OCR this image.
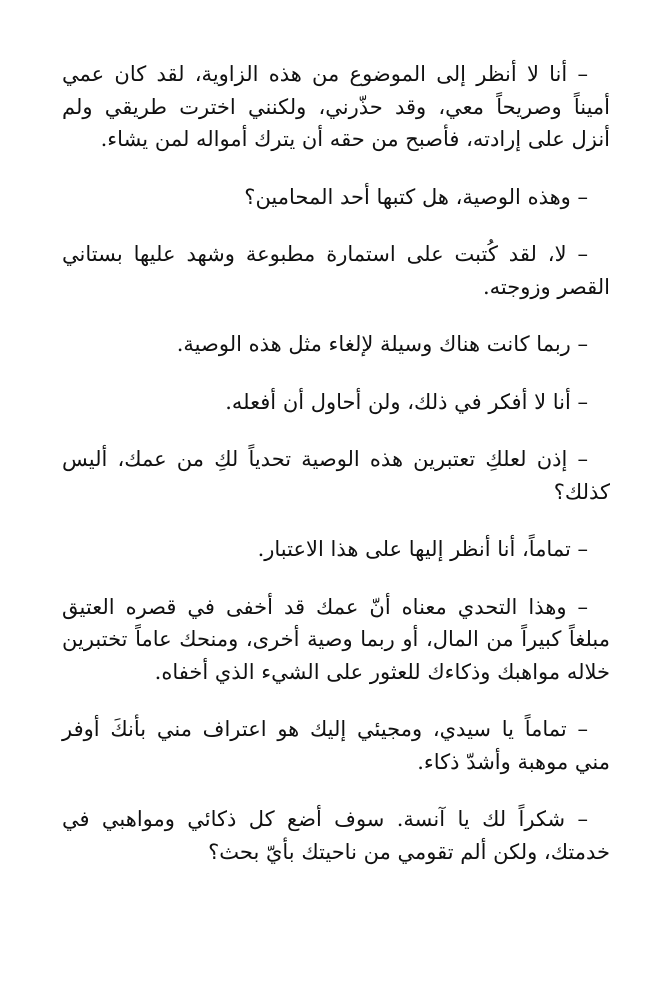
– أنا لا أنظر إلى الموضوع من هذه الزاوية، لقد كان عمي أميناً وصريحاً معي، وقد حذّرني، ولكنني اخترت طريقي ولم أنزل على إرادته، فأصبح من حقه أن يترك أمواله لمن يشاء.

– وهذه الوصية، هل كتبها أحد المحامين؟

– لا، لقد كُتبت على استمارة مطبوعة وشهد عليها بستاني القصر وزوجته.

– ربما كانت هناك وسيلة لإلغاء مثل هذه الوصية.

– أنا لا أفكر في ذلك، ولن أحاول أن أفعله.

– إذن لعلكِ تعتبرين هذه الوصية تحدياً لكِ من عمك، أليس كذلك؟

– تماماً، أنا أنظر إليها على هذا الاعتبار.

– وهذا التحدي معناه أنّ عمك قد أخفى في قصره العتيق مبلغاً كبيراً من المال، أو ربما وصية أخرى، ومنحك عاماً تختبرين خلاله مواهبك وذكاءك للعثور على الشيء الذي أخفاه.

– تماماً يا سيدي، ومجيئي إليك هو اعتراف مني بأنكَ أوفر مني موهبة وأشدّ ذكاء.

– شكراً لك يا آنسة. سوف أضع كل ذكائي ومواهبي في خدمتك، ولكن ألم تقومي من ناحيتك بأيّ بحث؟
